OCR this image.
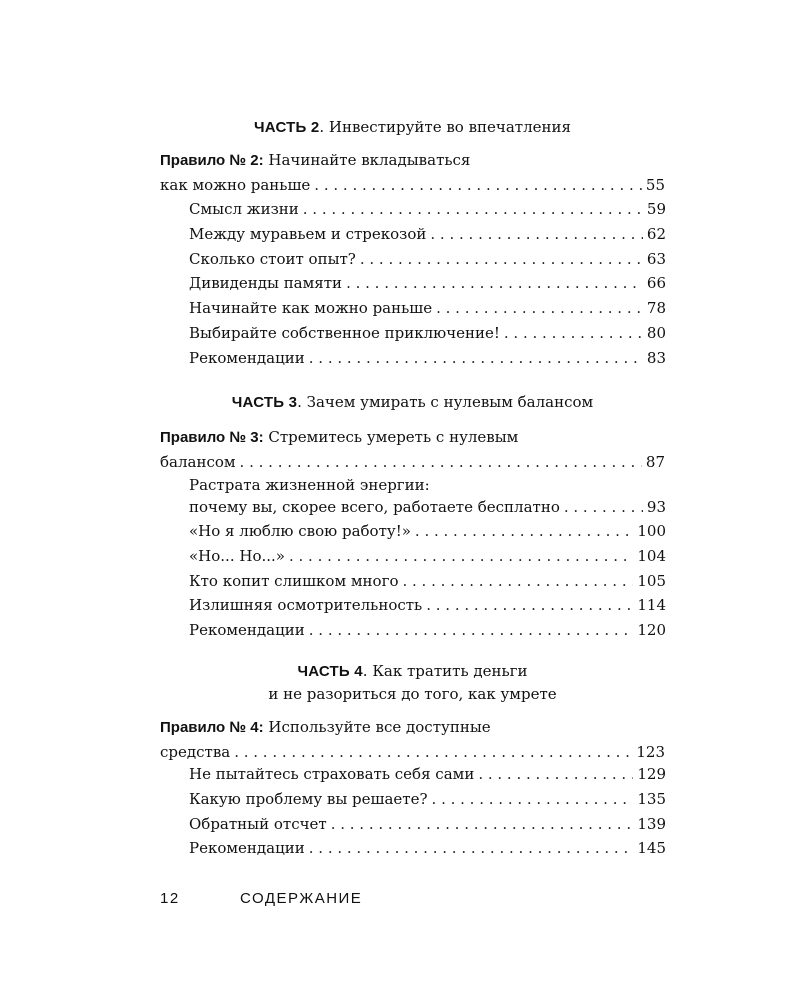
ЧАСТЬ 2. Инвестируйте во впечатления
Правило № 2: Начинайте вкладываться
как можно раньше . . .	55
Смысл жизни . . .	59
Между муравьем и стрекозой . . .	62
Сколько стоит опыт? . . .	63
Дивиденды памяти . . .	66
Начинайте как можно раньше . . .	78
Выбирайте собственное приключение! . . .	80
Рекомендации . . .	83
ЧАСТЬ 3. Зачем умирать с нулевым балансом
Правило № 3: Стремитесь умереть с нулевым
балансом . . .	87
Растрата жизненной энергии:
почему вы, скорее всего, работаете бесплатно . . .	93
«Но я люблю свою работу!» . . .	100
«Но... Но...» . . .	104
Кто копит слишком много . . .	105
Излишняя осмотрительность . . .	114
Рекомендации . . .	120
ЧАСТЬ 4. Как тратить деньги
и не разориться до того, как умрете
Правило № 4: Используйте все доступные
средства . . .	123
Не пытайтесь страховать себя сами . . .	129
Какую проблему вы решаете? . . .	135
Обратный отсчет . . .	139
Рекомендации . . .	145
12	СОДЕРЖАНИЕ
